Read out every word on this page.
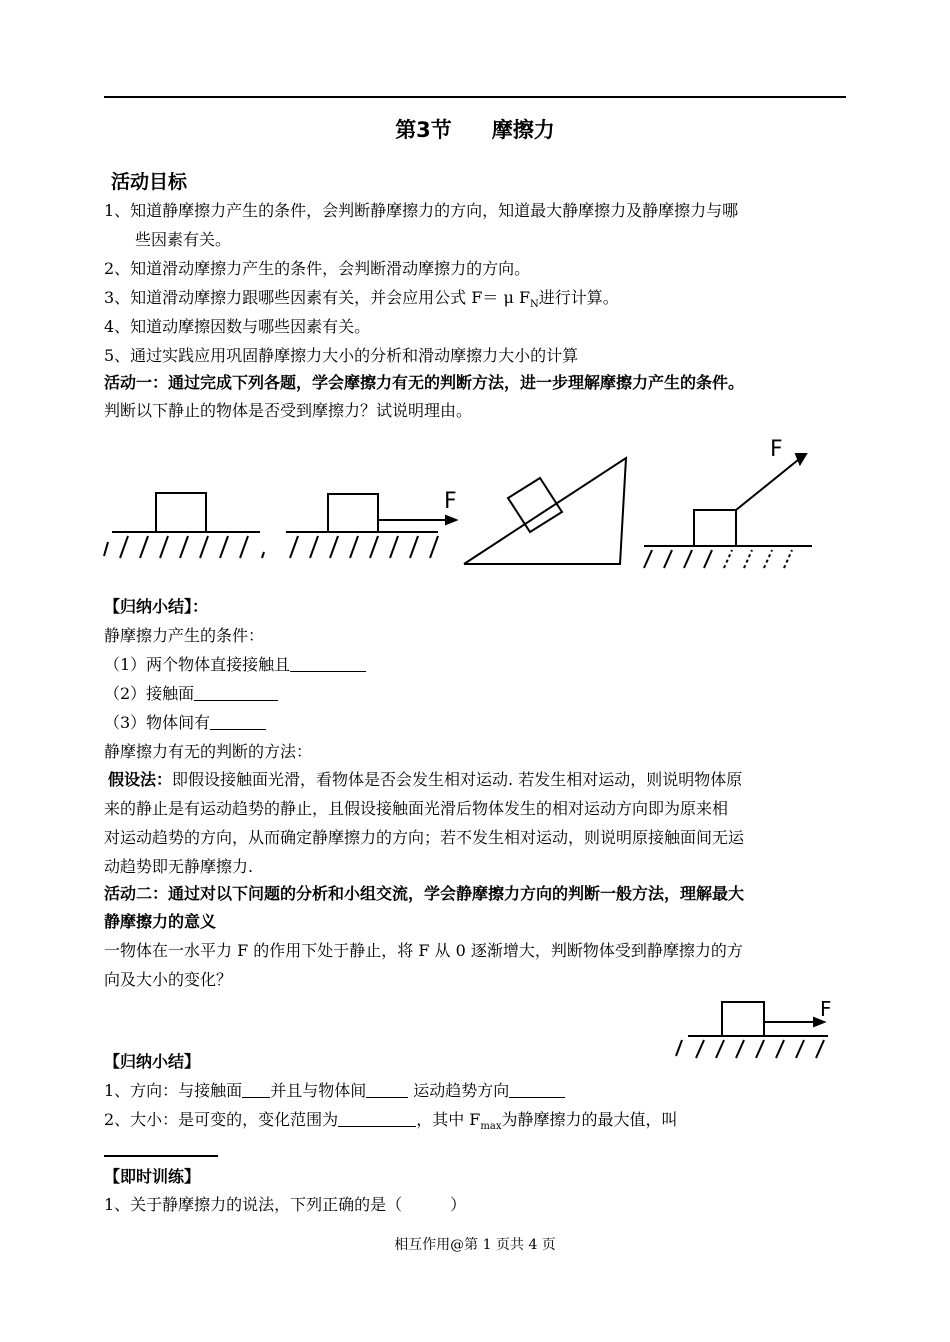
第3节 摩擦力
活动目标
1、知道静摩擦力产生的条件，会判断静摩擦力的方向，知道最大静摩擦力及静摩擦力与哪
些因素有关。
2、知道滑动摩擦力产生的条件，会判断滑动摩擦力的方向。
3、知道滑动摩擦力跟哪些因素有关，并会应用公式 F＝ μ $F_N$进行计算。
4、知道动摩擦因数与哪些因素有关。
5、通过实践应用巩固静摩擦力大小的分析和滑动摩擦力大小的计算
活动一：通过完成下列各题，学会摩擦力有无的判断方法，进一步理解摩擦力产生的条件。
判断以下静止的物体是否受到摩擦力？试说明理由。
F
F
【归纳小结】：
静摩擦力产生的条件：
（1）两个物体直接接触且
（2）接触面
（3）物体间有
静摩擦力有无的判断的方法：
假设法：即假设接触面光滑，看物体是否会发生相对运动. 若发生相对运动，则说明物体原
来的静止是有运动趋势的静止，且假设接触面光滑后物体发生的相对运动方向即为原来相
对运动趋势的方向，从而确定静摩擦力的方向；若不发生相对运动，则说明原接触面间无运
动趋势即无静摩擦力.
活动二：通过对以下问题的分析和小组交流，学会静摩擦力方向的判断一般方法，理解最大
静摩擦力的意义
一物体在一水平力 F 的作用下处于静止，将 F 从 0 逐渐增大，判断物体受到静摩擦力的方
向及大小的变化？
F
【归纳小结】
1、方向：与接触面 并且与物体间	运动趋势方向
2、大小：是可变的，变化范围为	，其中 $F_{max}$为静摩擦力的最大值，叫
【即时训练】
1、关于静摩擦力的说法，下列正确的是（　　　）
相互作用@第 1 页共 4 页
